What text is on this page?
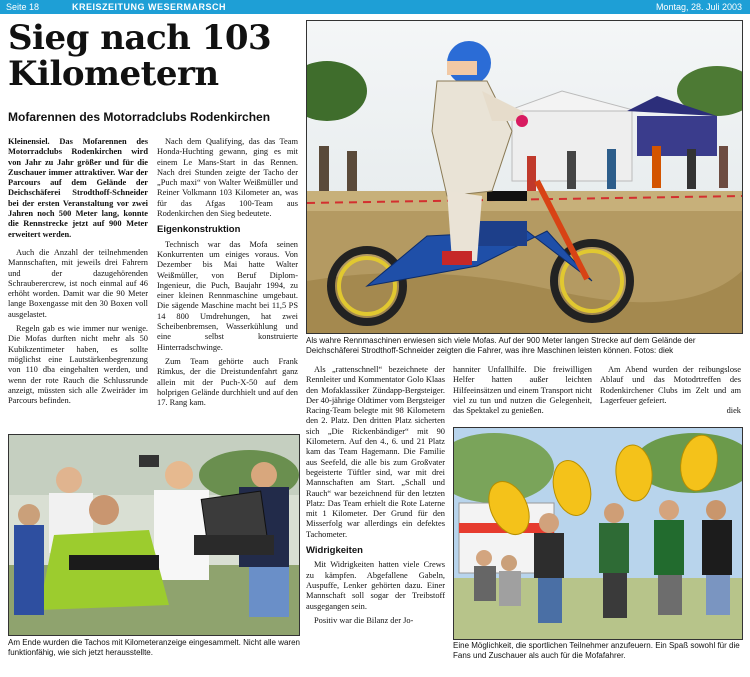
Seite 18	KREISZEITUNG WESERMARSCH	Montag, 28. Juli 2003
Sieg nach 103 Kilometern
Mofarennen des Motorradclubs Rodenkirchen

Kleinensiel. Das Mofarennen des Motorradclubs Rodenkirchen wird von Jahr zu Jahr größer und für die Zuschauer immer attraktiver. War der Parcours auf dem Gelände der Deichschäferei Strodthoff-Schneider bei der ersten Veranstaltung vor zwei Jahren noch 500 Meter lang, konnte die Rennstrecke jetzt auf 900 Meter erweitert werden.

Auch die Anzahl der teilnehmenden Mannschaften, mit jeweils drei Fahrern und der dazugehörenden Schrauberercrew, ist noch einmal auf 46 erhöht worden. Damit war die 90 Meter lange Boxengasse mit den 30 Boxen voll ausgelastet.

Regeln gab es wie immer nur wenige. Die Mofas durften nicht mehr als 50 Kubikzentimeter haben, es sollte möglichst eine Lautstärkenbegrenzung von 110 dba eingehalten werden, und wenn der rote Rauch die Schlussrunde anzeigt, müssten sich alle Zweiräder im Parcours befinden.

Nach dem Qualifying, das das Team Honda-Huchting gewann, ging es mit einem Le Mans-Start in das Rennen. Nach drei Stunden zeigte der Tacho der „Puch maxi“ von Walter Weißmüller und Reiner Volkmann 103 Kilometer an, was für das Afgas 100-Team aus Rodenkirchen den Sieg bedeutete.

Eigenkonstruktion

Technisch war das Mofa seinen Konkurrenten um einiges voraus. Von Dezember bis Mai hatte Walter Weißmüller, von Beruf Diplom-Ingenieur, die Puch, Baujahr 1994, zu einer kleinen Rennmaschine umgebaut. Die sägende Maschine macht bei 11,5 PS 14 800 Umdrehungen, hat zwei Scheibenbremsen, Wasserkühlung und eine selbst konstruierte Hinterradschwinge.

Zum Team gehörte auch Frank Rimkus, der die Dreistundenfahrt ganz allein mit der Puch-X-50 auf dem holprigen Gelände durchhielt und auf den 17. Rang kam.

Als wahre Rennmaschinen erwiesen sich viele Mofas. Auf der 900 Meter langen Strecke auf dem Gelände der Deichschäferei Strodthoff-Schneider zeigten die Fahrer, was ihre Maschinen leisten können. Fotos: diek

Als „rattenschnell“ bezeichnete der Rennleiter und Kommentator Golo Klaas den Mofaklassiker Zündapp-Bergsteiger. Der 40-jährige Oldtimer vom Bergsteiger Racing-Team belegte mit 98 Kilometern den 2. Platz. Den dritten Platz sicherten sich „Die Rickenbändiger“ mit 90 Kilometern. Auf den 4., 6. und 21 Platz kam das Team Hagemann. Die Familie aus Seefeld, die alle bis zum Großvater begeisterte Tüftler sind, war mit drei Mannschaften am Start. „Schall und Rauch“ war bezeichnend für den letzten Platz: Das Team erhielt die Rote Laterne mit 1 Kilometer. Der Grund für den Misserfolg war allerdings ein defektes Tachometer.

Widrigkeiten

Mit Widrigkeiten hatten viele Crews zu kämpfen. Abgefallene Gabeln, Auspuffe, Lenker gehörten dazu. Einer Mannschaft soll sogar der Treibstoff ausgegangen sein.

Positiv war die Bilanz der Jo-

hanniter Unfallhilfe. Die freiwilligen Helfer hatten außer leichten Hilfeeinsätzen und einem Transport nicht viel zu tun und nutzen die Gelegenheit, das Spektakel zu genießen.

Am Abend wurden der reibungslose Ablauf und das Motodrtreffen des Rodenkirchener Clubs im Zelt und am Lagerfeuer gefeiert.

diek
Am Ende wurden die Tachos mit Kilometeranzeige eingesammelt. Nicht alle waren funktionfähig, wie sich jetzt herausstellte.
Eine Möglichkeit, die sportlichen Teilnehmer anzufeuern. Ein Spaß sowohl für die Fans und Zuschauer als auch für die Mofafahrer.
